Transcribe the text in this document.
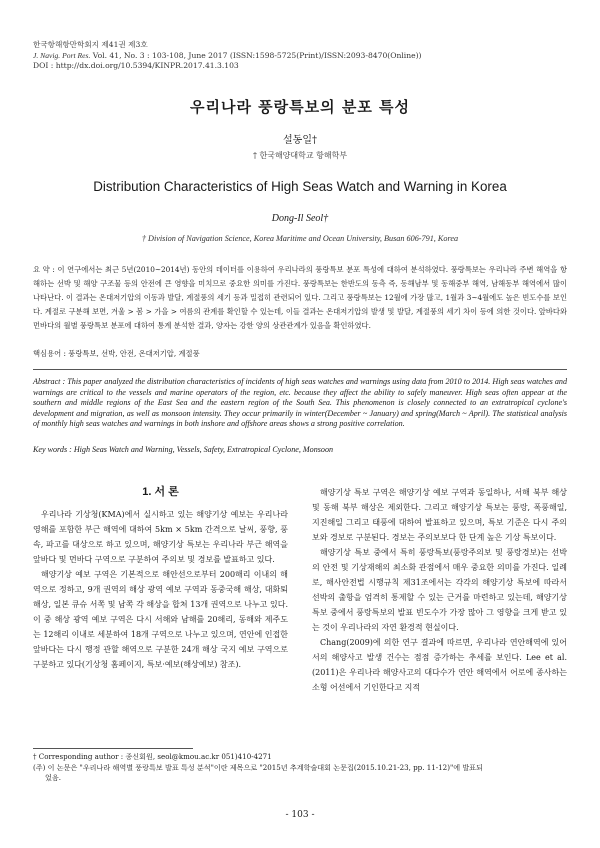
한국항해항만학회지 제41권 제3호
J. Navig. Port Res. Vol. 41, No. 3 : 103-108, June 2017 (ISSN:1598-5725(Print)/ISSN:2093-8470(Online))
DOI : http://dx.doi.org/10.5394/KINPR.2017.41.3.103
우리나라 풍랑특보의 분포 특성
설동일†
† 한국해양대학교 항해학부
Distribution Characteristics of High Seas Watch and Warning in Korea
Dong-Il Seol†
† Division of Navigation Science, Korea Maritime and Ocean University, Busan 606-791, Korea
요 약 : 이 연구에서는 최근 5년(2010~2014년) 동안의 데이터를 이용하여 우리나라의 풍랑특보 분포 특성에 대하여 분석하였다. 풍랑특보는 우리나라 주변 해역을 항해하는 선박 및 해양 구조물 등의 안전에 큰 영향을 미치므로 중요한 의미를 가진다. 풍랑특보는 한반도의 동측 즉, 동해남부 및 동해중부 해역, 남해동부 해역에서 많이 나타난다. 이 결과는 온대저기압의 이동과 발달, 계절풍의 세기 등과 밀접히 관련되어 있다. 그리고 풍랑특보는 12월에 가장 많고, 1월과 3~4월에도 높은 빈도수를 보인다. 계절로 구분해 보면, 겨울 > 봄 > 가을 > 여름의 관계를 확인할 수 있는데, 이들 결과는 온대저기압의 발생 및 발달, 계절풍의 세기 차이 등에 의한 것이다. 앞바다와 먼바다의 월별 풍랑특보 분포에 대하여 통계 분석한 결과, 양자는 강한 양의 상관관계가 있음을 확인하였다.
핵심용어 : 풍랑특보, 선박, 안전, 온대저기압, 계절풍
Abstract : This paper analyzed the distribution characteristics of incidents of high seas watches and warnings using data from 2010 to 2014. High seas watches and warnings are critical to the vessels and marine operators of the region, etc. because they affect the ability to safely maneuver. High seas often appear at the southern and middle regions of the East Sea and the eastern region of the South Sea. This phenomenon is closely connected to an extratropical cyclone's development and migration, as well as monsoon intensity. They occur primarily in winter(December ~ January) and spring(March ~ April). The statistical analysis of monthly high seas watches and warnings in both inshore and offshore areas shows a strong positive correlation.
Key words : High Seas Watch and Warning, Vessels, Safety, Extratropical Cyclone, Monsoon
1. 서 론

우리나라 기상청(KMA)에서 실시하고 있는 해양기상 예보는 우리나라 영해를 포함한 부근 해역에 대하여 5km × 5km 간격으로 날씨, 풍향, 풍속, 파고를 대상으로 하고 있으며, 해양기상 특보는 우리나라 부근 해역을 앞바다 및 먼바다 구역으로 구분하여 주의보 및 경보를 발표하고 있다.

해양기상 예보 구역은 기본적으로 해안선으로부터 200해리 이내의 해역으로 정하고, 9개 권역의 해상 광역 예보 구역과 동중국해 해상, 대화퇴 해상, 일본 큐슈 서쪽 및 남쪽 각 해상을 합쳐 13개 권역으로 나누고 있다. 이 중 해상 광역 예보 구역은 다시 서해와 남해를 20해리, 동해와 제주도는 12해리 이내로 세분하여 18개 구역으로 나누고 있으며, 연안에 인접한 앞바다는 다시 행정 관할 해역으로 구분한 24개 해상 국지 예보 구역으로 구분하고 있다(기상청 홈페이지, 특보·예보(해상예보) 참조).

해양기상 특보 구역은 해양기상 예보 구역과 동일하나, 서해 북부 해상 및 동해 북부 해상은 제외한다. 그리고 해양기상 특보는 풍랑, 폭풍해일, 지진해일 그리고 태풍에 대하여 발표하고 있으며, 특보 기준은 다시 주의보와 경보로 구분된다. 경보는 주의보보다 한 단계 높은 기상 특보이다.

해양기상 특보 중에서 특히 풍랑특보(풍랑주의보 및 풍랑경보)는 선박의 안전 및 기상재해의 최소화 관점에서 매우 중요한 의미를 가진다. 일례로, 해사안전법 시행규칙 제31조에서는 각각의 해양기상 특보에 따라서 선박의 출항을 엄격히 통제할 수 있는 근거를 마련하고 있는데, 해양기상 특보 중에서 풍랑특보의 발표 빈도수가 가장 많아 그 영향을 크게 받고 있는 것이 우리나라의 자연 환경적 현실이다.

Chang(2009)에 의한 연구 결과에 따르면, 우리나라 연안해역에 있어서의 해양사고 발생 건수는 점점 증가하는 추세를 보인다. Lee et al.(2011)은 우리나라 해양사고의 대다수가 연안 해역에서 어로에 종사하는 소형 어선에서 기인한다고 지적

† Corresponding author : 종신회원, seol@kmou.ac.kr 051)410-4271
(주) 이 논문은 "우리나라 해역별 풍랑특보 발표 특성 분석"이란 제목으로 "2015년 추계학술대회 논문집(2015.10.21-23, pp. 11-12)"에 발표되
었음.
- 103 -
